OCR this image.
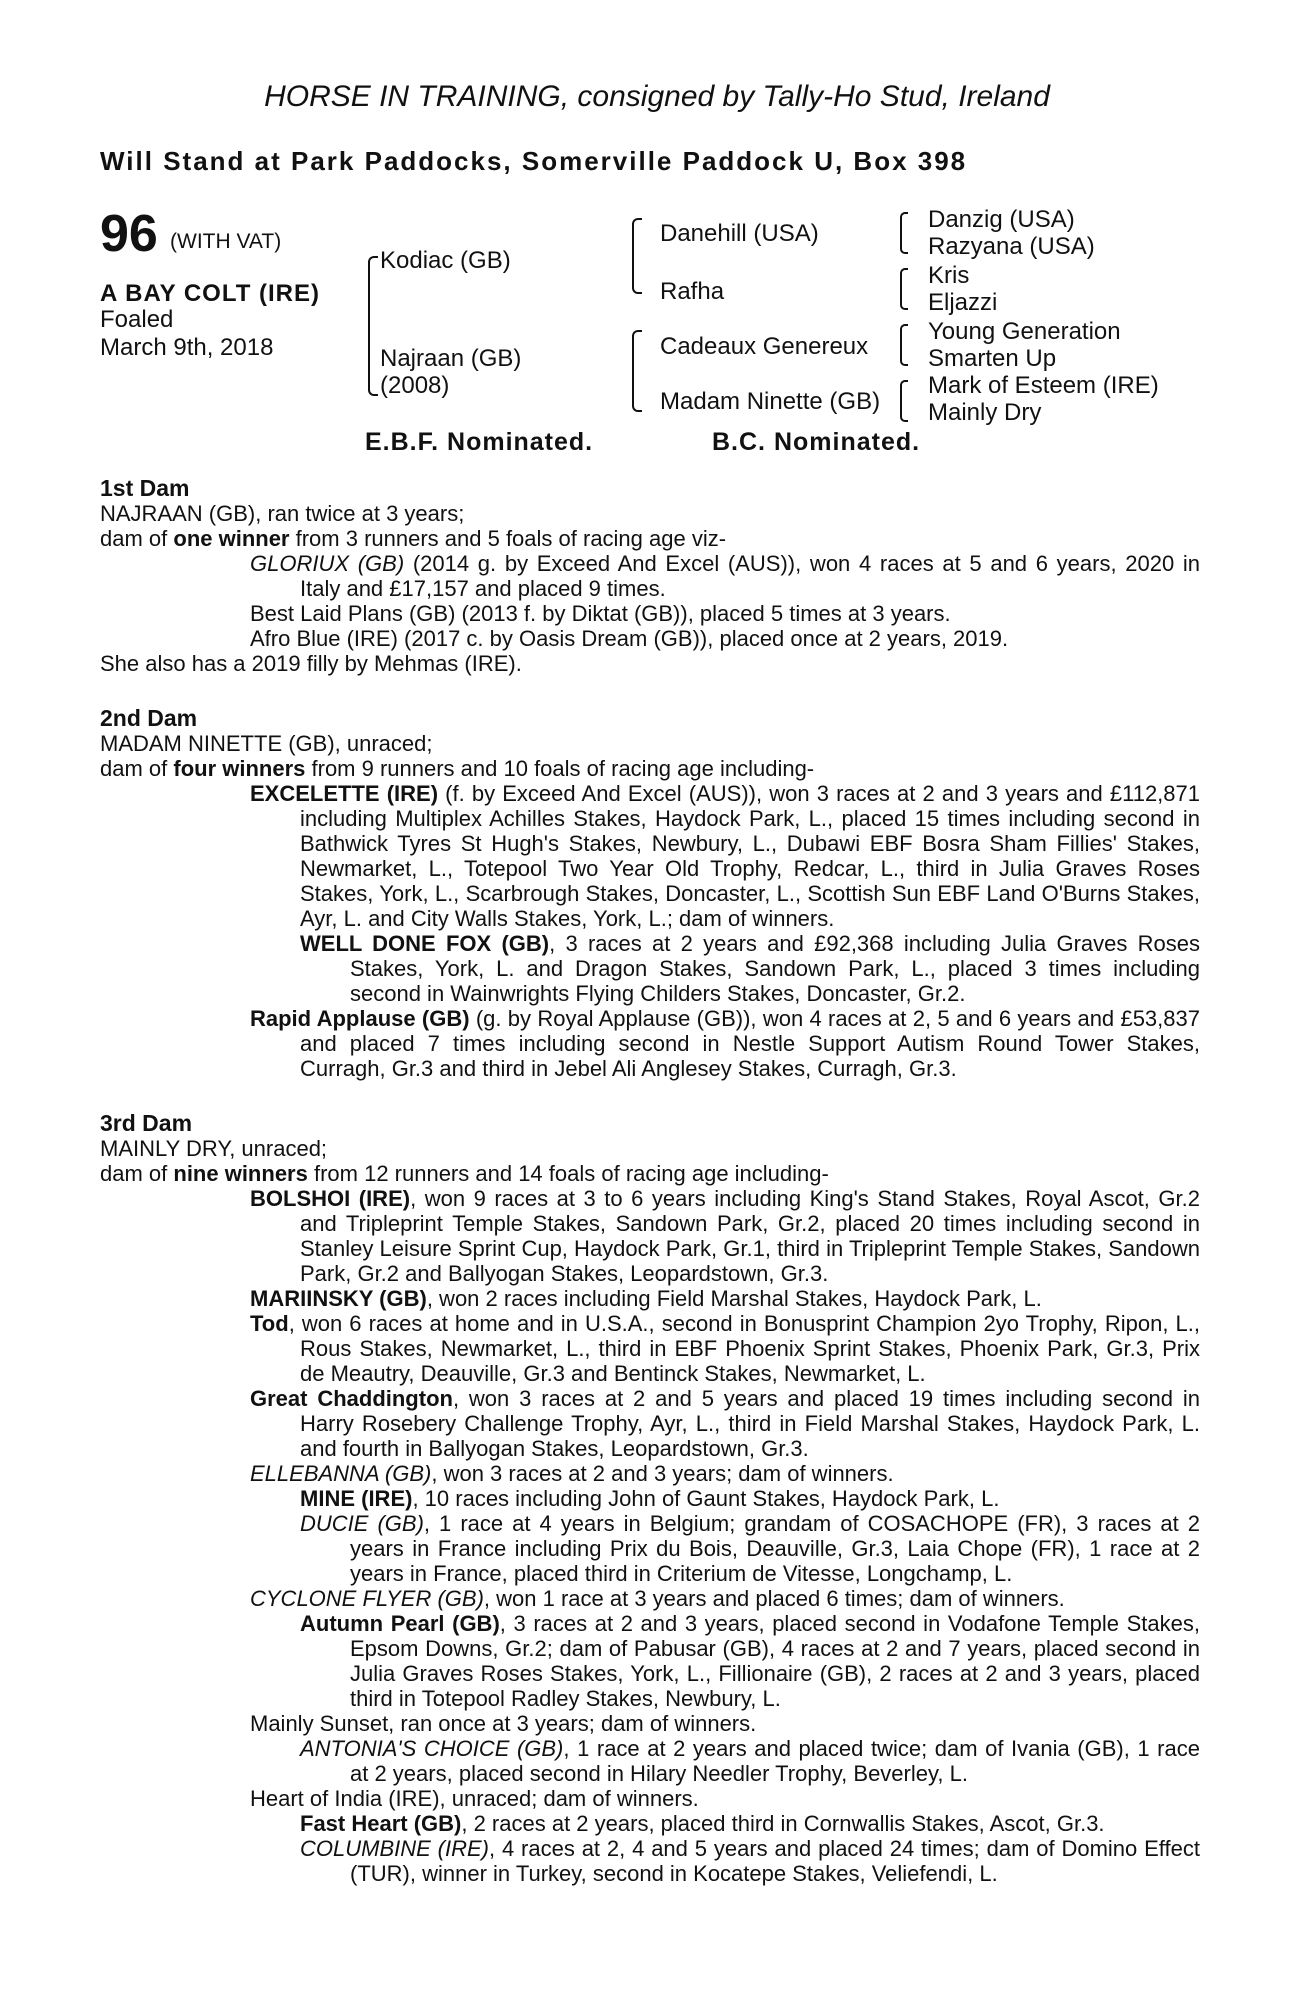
HORSE IN TRAINING, consigned by Tally-Ho Stud, Ireland
Will Stand at Park Paddocks, Somerville Paddock U, Box 398
96 (WITH VAT)
A BAY COLT (IRE)
Foaled
March 9th, 2018
Kodiac (GB)
Najraan (GB)
(2008)
Danehill (USA)
Rafha
Cadeaux Genereux
Madam Ninette (GB)
Danzig (USA)
Razyana (USA)
Kris
Eljazzi
Young Generation
Smarten Up
Mark of Esteem (IRE)
Mainly Dry
E.B.F. Nominated.	B.C. Nominated.
1st Dam

NAJRAAN (GB), ran twice at 3 years;

dam of one winner from 3 runners and 5 foals of racing age viz-

GLORIUX (GB) (2014 g. by Exceed And Excel (AUS)), won 4 races at 5 and 6 years, 2020 in Italy and £17,157 and placed 9 times.

Best Laid Plans (GB) (2013 f. by Diktat (GB)), placed 5 times at 3 years.

Afro Blue (IRE) (2017 c. by Oasis Dream (GB)), placed once at 2 years, 2019.

She also has a 2019 filly by Mehmas (IRE).

2nd Dam

MADAM NINETTE (GB), unraced;

dam of four winners from 9 runners and 10 foals of racing age including-

EXCELETTE (IRE) (f. by Exceed And Excel (AUS)), won 3 races at 2 and 3 years and £112,871 including Multiplex Achilles Stakes, Haydock Park, L., placed 15 times including second in Bathwick Tyres St Hugh's Stakes, Newbury, L., Dubawi EBF Bosra Sham Fillies' Stakes, Newmarket, L., Totepool Two Year Old Trophy, Redcar, L., third in Julia Graves Roses Stakes, York, L., Scarbrough Stakes, Doncaster, L., Scottish Sun EBF Land O'Burns Stakes, Ayr, L. and City Walls Stakes, York, L.; dam of winners.

WELL DONE FOX (GB), 3 races at 2 years and £92,368 including Julia Graves Roses Stakes, York, L. and Dragon Stakes, Sandown Park, L., placed 3 times including second in Wainwrights Flying Childers Stakes, Doncaster, Gr.2.

Rapid Applause (GB) (g. by Royal Applause (GB)), won 4 races at 2, 5 and 6 years and £53,837 and placed 7 times including second in Nestle Support Autism Round Tower Stakes, Curragh, Gr.3 and third in Jebel Ali Anglesey Stakes, Curragh, Gr.3.

3rd Dam

MAINLY DRY, unraced;

dam of nine winners from 12 runners and 14 foals of racing age including-

BOLSHOI (IRE), won 9 races at 3 to 6 years including King's Stand Stakes, Royal Ascot, Gr.2 and Tripleprint Temple Stakes, Sandown Park, Gr.2, placed 20 times including second in Stanley Leisure Sprint Cup, Haydock Park, Gr.1, third in Tripleprint Temple Stakes, Sandown Park, Gr.2 and Ballyogan Stakes, Leopardstown, Gr.3.

MARIINSKY (GB), won 2 races including Field Marshal Stakes, Haydock Park, L.

Tod, won 6 races at home and in U.S.A., second in Bonusprint Champion 2yo Trophy, Ripon, L., Rous Stakes, Newmarket, L., third in EBF Phoenix Sprint Stakes, Phoenix Park, Gr.3, Prix de Meautry, Deauville, Gr.3 and Bentinck Stakes, Newmarket, L.

Great Chaddington, won 3 races at 2 and 5 years and placed 19 times including second in Harry Rosebery Challenge Trophy, Ayr, L., third in Field Marshal Stakes, Haydock Park, L. and fourth in Ballyogan Stakes, Leopardstown, Gr.3.

ELLEBANNA (GB), won 3 races at 2 and 3 years; dam of winners.

MINE (IRE), 10 races including John of Gaunt Stakes, Haydock Park, L.

DUCIE (GB), 1 race at 4 years in Belgium; grandam of COSACHOPE (FR), 3 races at 2 years in France including Prix du Bois, Deauville, Gr.3, Laia Chope (FR), 1 race at 2 years in France, placed third in Criterium de Vitesse, Longchamp, L.

CYCLONE FLYER (GB), won 1 race at 3 years and placed 6 times; dam of winners.

Autumn Pearl (GB), 3 races at 2 and 3 years, placed second in Vodafone Temple Stakes, Epsom Downs, Gr.2; dam of Pabusar (GB), 4 races at 2 and 7 years, placed second in Julia Graves Roses Stakes, York, L., Fillionaire (GB), 2 races at 2 and 3 years, placed third in Totepool Radley Stakes, Newbury, L.

Mainly Sunset, ran once at 3 years; dam of winners.

ANTONIA'S CHOICE (GB), 1 race at 2 years and placed twice; dam of Ivania (GB), 1 race at 2 years, placed second in Hilary Needler Trophy, Beverley, L.

Heart of India (IRE), unraced; dam of winners.

Fast Heart (GB), 2 races at 2 years, placed third in Cornwallis Stakes, Ascot, Gr.3.

COLUMBINE (IRE), 4 races at 2, 4 and 5 years and placed 24 times; dam of Domino Effect (TUR), winner in Turkey, second in Kocatepe Stakes, Veliefendi, L.
